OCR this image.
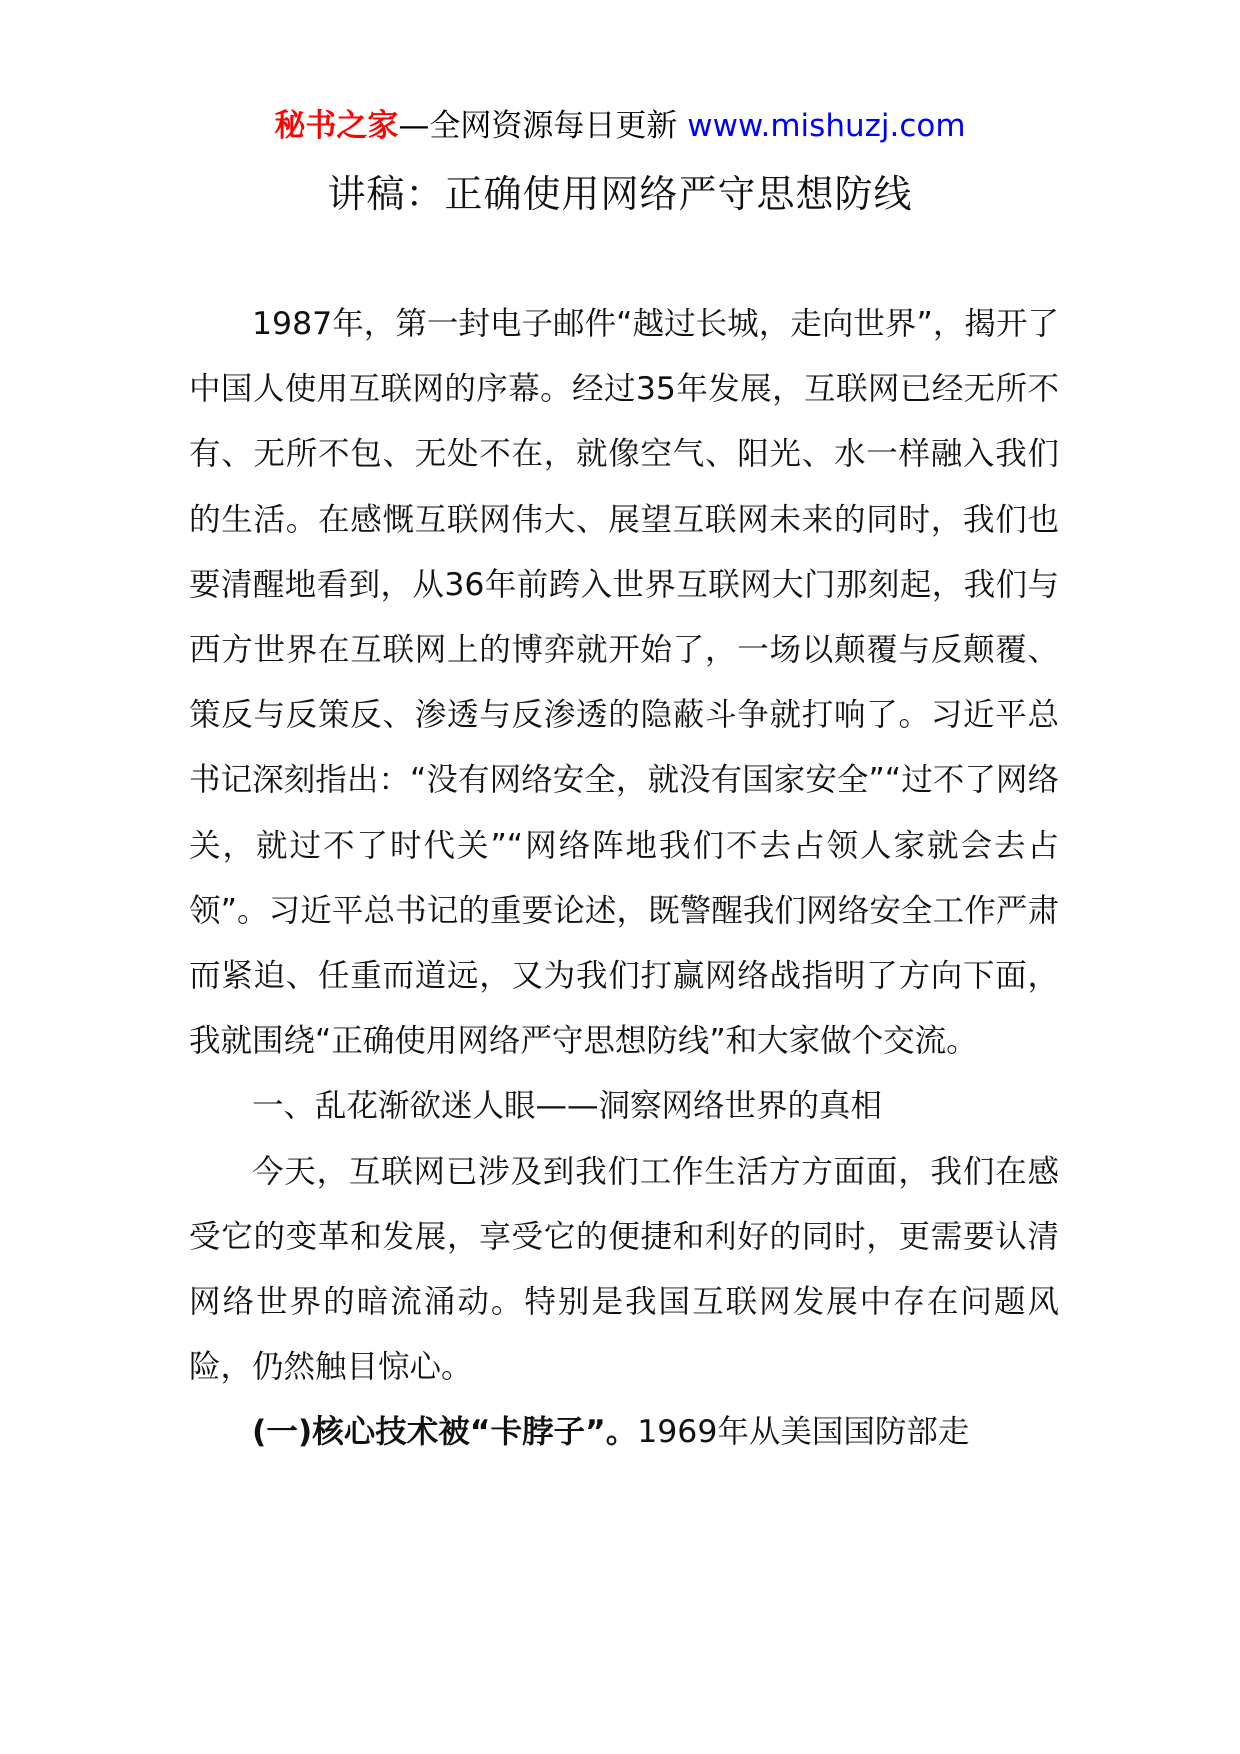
秘书之家—全网资源每日更新 www.mishuzj.com
讲稿：正确使用网络严守思想防线

1987年，第一封电子邮件“越过长城，走向世界”，揭开了中国人使用互联网的序幕。经过35年发展，互联网已经无所不有、无所不包、无处不在，就像空气、阳光、水一样融入我们的生活。在感慨互联网伟大、展望互联网未来的同时，我们也要清醒地看到，从36年前跨入世界互联网大门那刻起，我们与西方世界在互联网上的博弈就开始了，一场以颠覆与反颠覆、策反与反策反、渗透与反渗透的隐蔽斗争就打响了。习近平总书记深刻指出：“没有网络安全，就没有国家安全”“过不了网络关，就过不了时代关”“网络阵地我们不去占领人家就会去占领”。习近平总书记的重要论述，既警醒我们网络安全工作严肃而紧迫、任重而道远，又为我们打赢网络战指明了方向下面，我就围绕“正确使用网络严守思想防线”和大家做个交流。

一、乱花渐欲迷人眼——洞察网络世界的真相

今天，互联网已涉及到我们工作生活方方面面，我们在感受它的变革和发展，享受它的便捷和利好的同时，更需要认清网络世界的暗流涌动。特别是我国互联网发展中存在问题风险，仍然触目惊心。

(一)核心技术被“卡脖子”。1969年从美国国防部走
